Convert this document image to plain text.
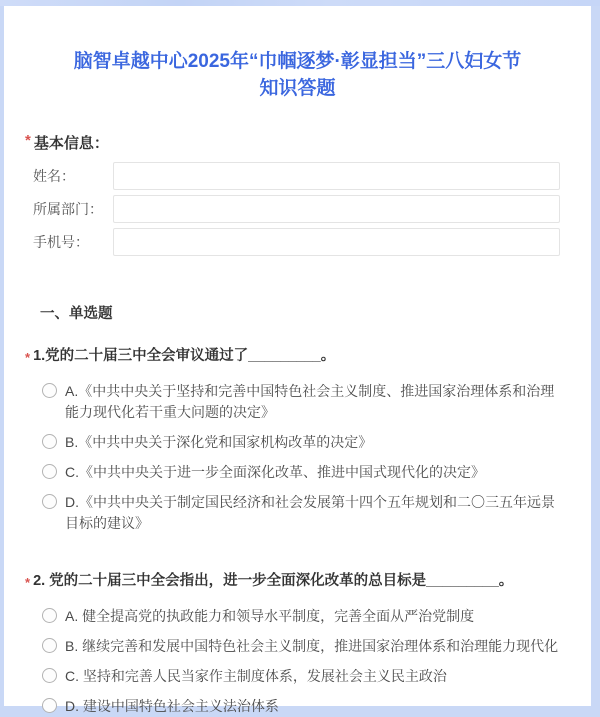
脑智卓越中心2025年“巾帼逐梦·彰显担当”三八妇女节知识答题
* 基本信息：
姓名：
所属部门：
手机号：
一、单选题
* 1.党的二十届三中全会审议通过了_________。
A.《中共中央关于坚持和完善中国特色社会主义制度、推进国家治理体系和治理能力现代化若干重大问题的决定》
B.《中共中央关于深化党和国家机构改革的决定》
C.《中共中央关于进一步全面深化改革、推进中国式现代化的决定》
D.《中共中央关于制定国民经济和社会发展第十四个五年规划和二〇三五年远景目标的建议》
* 2. 党的二十届三中全会指出，进一步全面深化改革的总目标是_________。
A. 健全提高党的执政能力和领导水平制度，完善全面从严治党制度
B. 继续完善和发展中国特色社会主义制度，推进国家治理体系和治理能力现代化
C. 坚持和完善人民当家作主制度体系，发展社会主义民主政治
D. 建设中国特色社会主义法治体系
